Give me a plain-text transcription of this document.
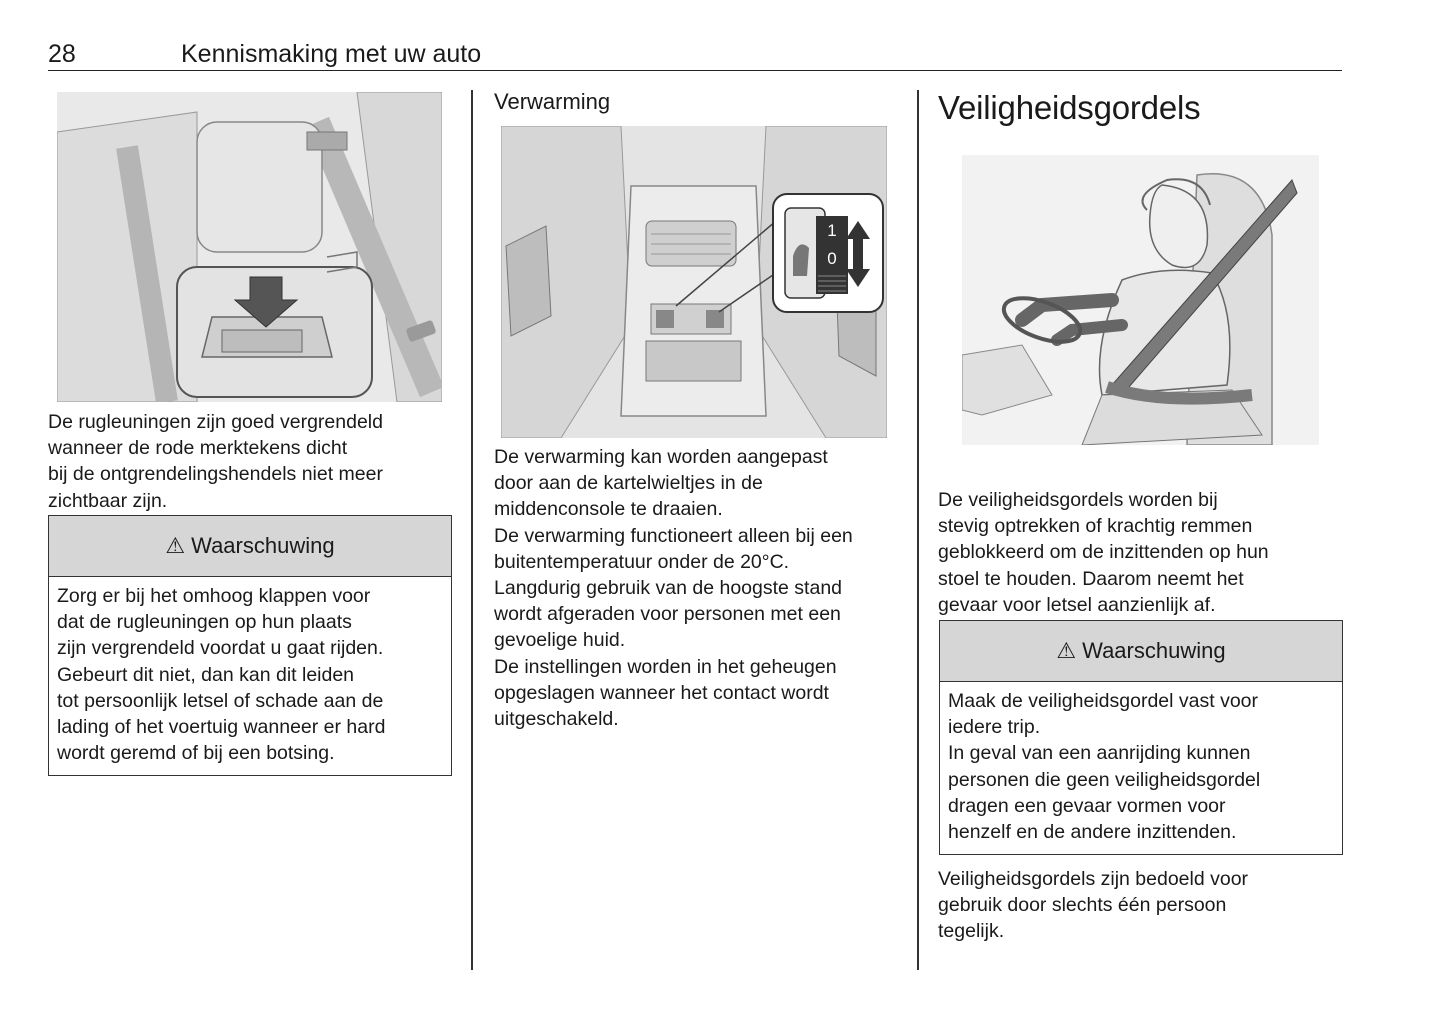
28	Kennismaking met uw auto

De rugleuningen zijn goed vergrendeld
wanneer de rode merktekens dicht
bij de ontgrendelingshendels niet meer
zichtbaar zijn.

⚠ Waarschuwing
Zorg er bij het omhoog klappen voor
dat de rugleuningen op hun plaats
zijn vergrendeld voordat u gaat rijden.
Gebeurt dit niet, dan kan dit leiden
tot persoonlijk letsel of schade aan de
lading of het voertuig wanneer er hard
wordt geremd of bij een botsing.
Verwarming
1
0

De verwarming kan worden aangepast
door aan de kartelwieltjes in de
middenconsole te draaien.
De verwarming functioneert alleen bij een
buitentemperatuur onder de 20°C.
Langdurig gebruik van de hoogste stand
wordt afgeraden voor personen met een
gevoelige huid.
De instellingen worden in het geheugen
opgeslagen wanneer het contact wordt
uitgeschakeld.

Veiligheidsgordels

De veiligheidsgordels worden bij
stevig optrekken of krachtig remmen
geblokkeerd om de inzittenden op hun
stoel te houden. Daarom neemt het
gevaar voor letsel aanzienlijk af.

⚠ Waarschuwing
Maak de veiligheidsgordel vast voor
iedere trip.
In geval van een aanrijding kunnen
personen die geen veiligheidsgordel
dragen een gevaar vormen voor
henzelf en de andere inzittenden.

Veiligheidsgordels zijn bedoeld voor
gebruik door slechts één persoon
tegelijk.
